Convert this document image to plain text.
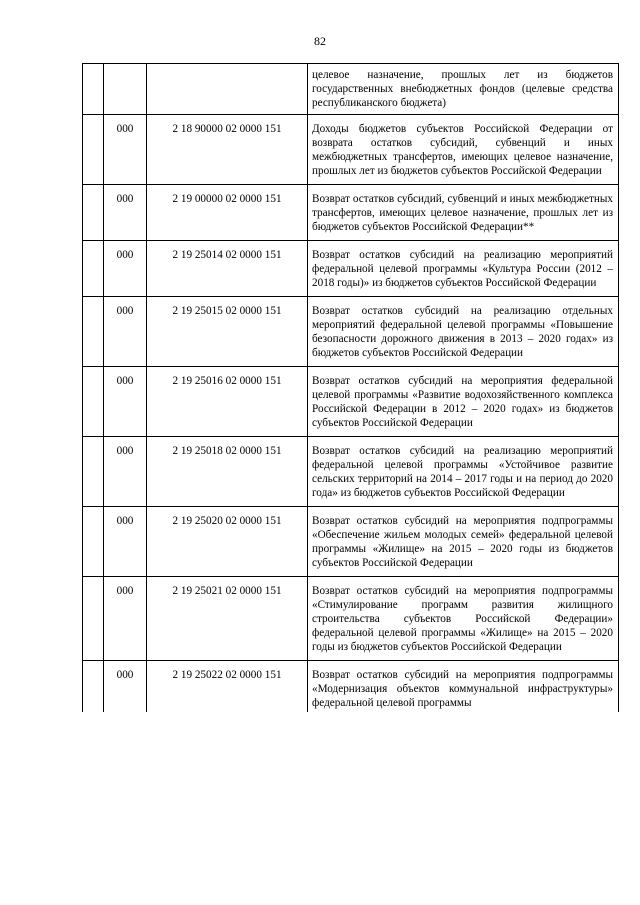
82
			целевое назначение, прошлых лет из бюджетов государственных внебюджетных фондов (целевые средства республиканского бюджета)
	000	2 18 90000 02 0000 151	Доходы бюджетов субъектов Российской Федерации от возврата остатков субсидий, субвенций и иных межбюджетных трансфертов, имеющих целевое назначение, прошлых лет из бюджетов субъектов Российской Федерации
	000	2 19 00000 02 0000 151	Возврат остатков субсидий, субвенций и иных межбюджетных трансфертов, имеющих целевое назначение, прошлых лет из бюджетов субъектов Российской Федерации**
	000	2 19 25014 02 0000 151	Возврат остатков субсидий на реализацию мероприятий федеральной целевой программы «Культура России (2012 – 2018 годы)» из бюджетов субъектов Российской Федерации
	000	2 19 25015 02 0000 151	Возврат остатков субсидий на реализацию отдельных мероприятий федеральной целевой программы «Повышение безопасности дорожного движения в 2013 – 2020 годах» из бюджетов субъектов Российской Федерации
	000	2 19 25016 02 0000 151	Возврат остатков субсидий на мероприятия федеральной целевой программы «Развитие водохозяйственного комплекса Российской Федерации в 2012 – 2020 годах» из бюджетов субъектов Российской Федерации
	000	2 19 25018 02 0000 151	Возврат остатков субсидий на реализацию мероприятий федеральной целевой программы «Устойчивое развитие сельских территорий на 2014 – 2017 годы и на период до 2020 года» из бюджетов субъектов Российской Федерации
	000	2 19 25020 02 0000 151	Возврат остатков субсидий на мероприятия подпрограммы «Обеспечение жильем молодых семей» федеральной целевой программы «Жилище» на 2015 – 2020 годы из бюджетов субъектов Российской Федерации
	000	2 19 25021 02 0000 151	Возврат остатков субсидий на мероприятия подпрограммы «Стимулирование программ развития жилищного строительства субъектов Российской Федерации» федеральной целевой программы «Жилище» на 2015 – 2020 годы из бюджетов субъектов Российской Федерации
	000	2 19 25022 02 0000 151	Возврат остатков субсидий на мероприятия подпрограммы «Модернизация объектов коммунальной инфраструктуры» федеральной целевой программы
